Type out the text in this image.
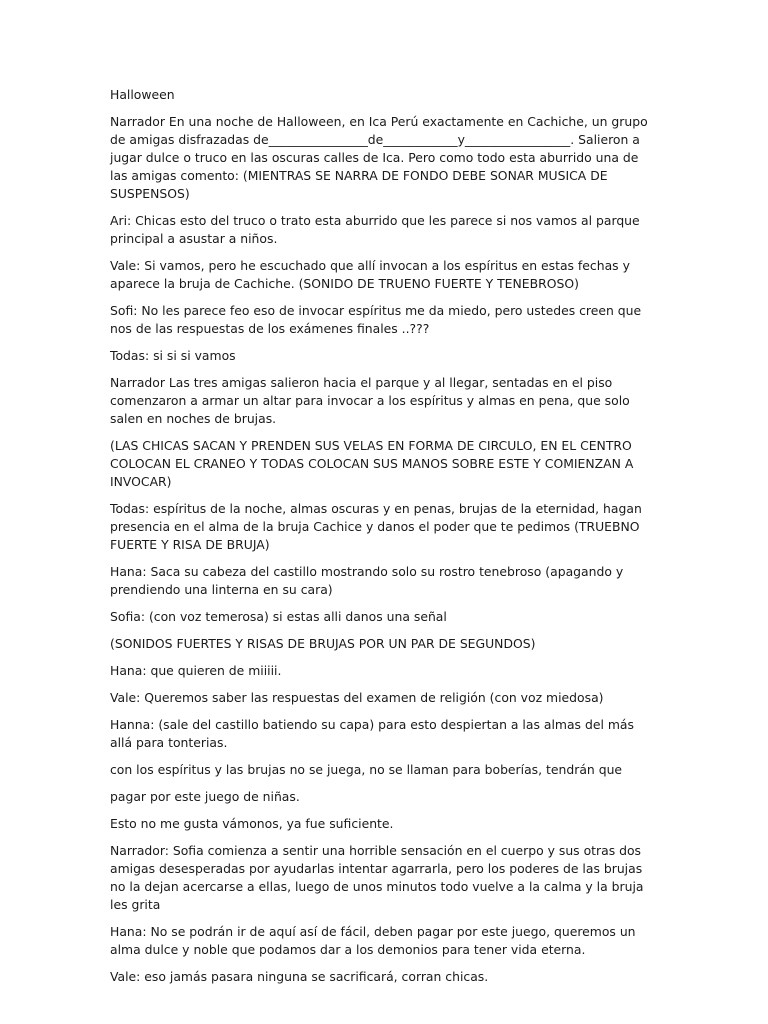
Halloween

Narrador En una noche de Halloween, en Ica Perú exactamente en Cachiche, un grupo de amigas disfrazadas de________________de____________y_________________. Salieron a jugar dulce o truco en las oscuras calles de Ica. Pero como todo esta aburrido una de las amigas comento: (MIENTRAS SE NARRA DE FONDO DEBE SONAR MUSICA DE SUSPENSOS)

Ari: Chicas esto del truco o trato esta aburrido que les parece si nos vamos al parque principal a asustar a niños.

Vale: Si vamos, pero he escuchado que allí invocan a los espíritus en estas fechas y aparece la bruja de Cachiche. (SONIDO DE TRUENO FUERTE Y TENEBROSO)

Sofi: No les parece feo eso de invocar espíritus me da miedo, pero ustedes creen que nos de las respuestas de los exámenes finales ..???

Todas: si si si vamos

Narrador Las tres amigas salieron hacia el parque y al llegar, sentadas en el piso comenzaron a armar un altar para invocar a los espíritus y almas en pena, que solo salen en noches de brujas.

(LAS CHICAS SACAN Y PRENDEN SUS VELAS EN FORMA DE CIRCULO, EN EL CENTRO COLOCAN EL CRANEO Y TODAS COLOCAN SUS MANOS SOBRE ESTE Y COMIENZAN A INVOCAR)

Todas: espíritus de la noche, almas oscuras y en penas, brujas de la eternidad, hagan presencia en el alma de la bruja Cachice y danos el poder que te pedimos (TRUEBNO FUERTE Y RISA DE BRUJA)

Hana: Saca su cabeza del castillo mostrando solo su rostro tenebroso (apagando y prendiendo una linterna en su cara)

Sofia: (con voz temerosa) si estas alli danos una señal

(SONIDOS FUERTES Y RISAS DE BRUJAS POR UN PAR DE SEGUNDOS)

Hana: que quieren de miiiii.

Vale: Queremos saber las respuestas del examen de religión (con voz miedosa)

Hanna: (sale del castillo batiendo su capa) para esto despiertan a las almas del más allá para tonterias.

con los espíritus y las brujas no se juega, no se llaman para boberías, tendrán que

pagar por este juego de niñas.

Esto no me gusta vámonos, ya fue suficiente.

Narrador: Sofia comienza a sentir una horrible sensación en el cuerpo y sus otras dos amigas desesperadas por ayudarlas intentar agarrarla, pero los poderes de las brujas no la dejan acercarse a ellas, luego de unos minutos todo vuelve a la calma y la bruja les grita

Hana: No se podrán ir de aquí así de fácil, deben pagar por este juego, queremos un alma dulce y noble que podamos dar a los demonios para tener vida eterna.

Vale: eso jamás pasara ninguna se sacrificará, corran chicas.
